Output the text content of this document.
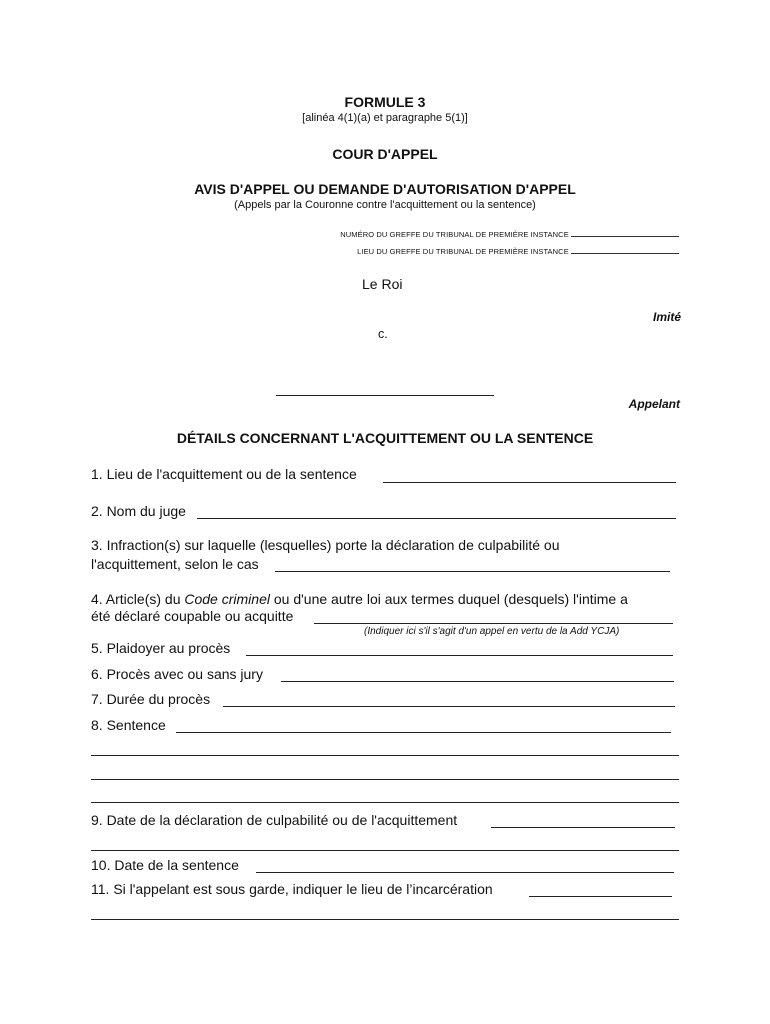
FORMULE 3
[alinéa 4(1)(a) et paragraphe 5(1)]
COUR D'APPEL
AVIS D'APPEL OU DEMANDE D'AUTORISATION D'APPEL
(Appels par la Couronne contre l'acquittement ou la sentence)
NUMÉRO DU GREFFE DU TRIBUNAL DE PREMIÈRE INSTANCE
LIEU DU GREFFE DU TRIBUNAL DE PREMIÈRE INSTANCE
Le Roi
Imité
c.
Appelant
DÉTAILS CONCERNANT L'ACQUITTEMENT OU LA SENTENCE
1. Lieu de l'acquittement ou de la sentence
2. Nom du juge
3. Infraction(s) sur laquelle (lesquelles) porte la déclaration de culpabilité ou
l'acquittement, selon le cas
4. Article(s) du Code criminel ou d'une autre loi aux termes duquel (desquels) l'intime a
été déclaré coupable ou acquitte
(Indiquer ici s'il s'agit d'un appel en vertu de la Add YCJA)
5. Plaidoyer au procès
6. Procès avec ou sans jury
7. Durée du procès
8. Sentence
9. Date de la déclaration de culpabilité ou de l'acquittement
10. Date de la sentence
11. Si l'appelant est sous garde, indiquer le lieu de l’incarcération
